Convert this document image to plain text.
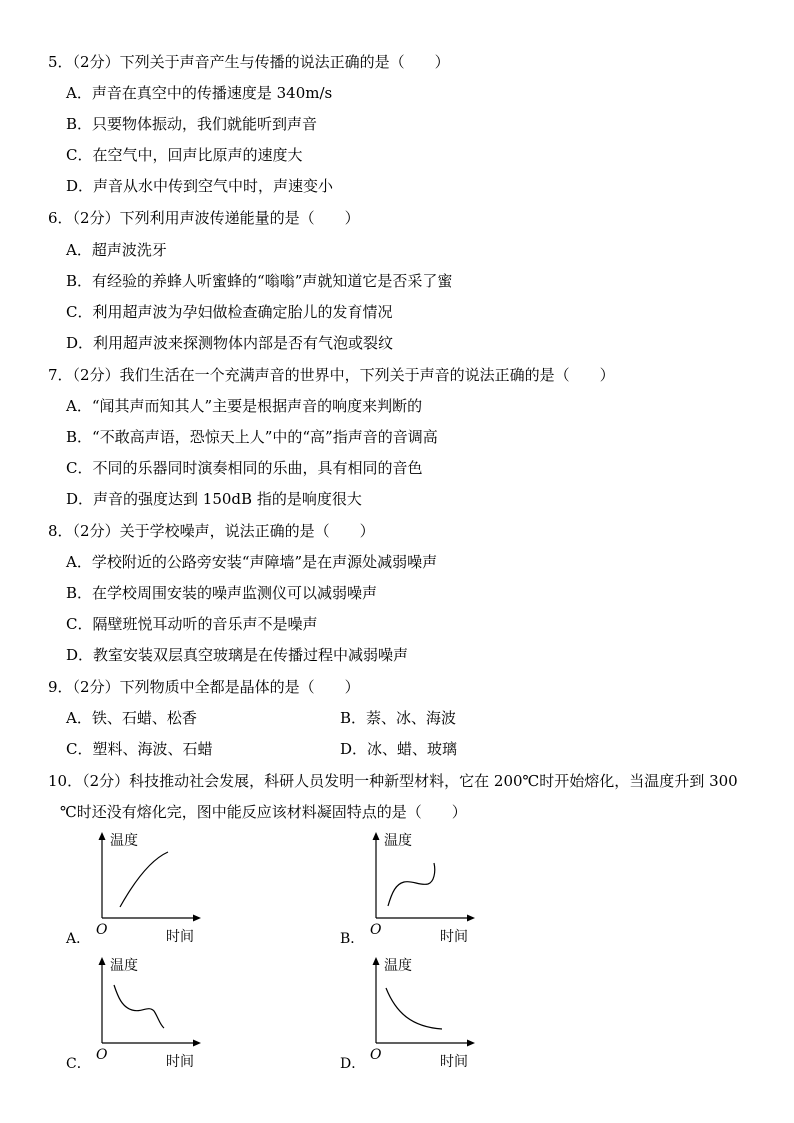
5．（2分）下列关于声音产生与传播的说法正确的是（　　）
A．声音在真空中的传播速度是 340m/s
B．只要物体振动，我们就能听到声音
C．在空气中，回声比原声的速度大
D．声音从水中传到空气中时，声速变小
6．（2分）下列利用声波传递能量的是（　　）
A．超声波洗牙
B．有经验的养蜂人听蜜蜂的“嗡嗡”声就知道它是否采了蜜
C．利用超声波为孕妇做检查确定胎儿的发育情况
D．利用超声波来探测物体内部是否有气泡或裂纹
7．（2分）我们生活在一个充满声音的世界中，下列关于声音的说法正确的是（　　）
A．“闻其声而知其人”主要是根据声音的响度来判断的
B．“不敢高声语，恐惊天上人”中的“高”指声音的音调高
C．不同的乐器同时演奏相同的乐曲，具有相同的音色
D．声音的强度达到 150dB 指的是响度很大
8．（2分）关于学校噪声，说法正确的是（　　）
A．学校附近的公路旁安装“声障墙”是在声源处减弱噪声
B．在学校周围安装的噪声监测仪可以减弱噪声
C．隔壁班悦耳动听的音乐声不是噪声
D．教室安装双层真空玻璃是在传播过程中减弱噪声
9．（2分）下列物质中全都是晶体的是（　　）
A．铁、石蜡、松香	B．萘、冰、海波
C．塑料、海波、石蜡	D．冰、蜡、玻璃
10．（2分）科技推动社会发展，科研人员发明一种新型材料，它在 200℃时开始熔化，当温度升到 300
℃时还没有熔化完，图中能反应该材料凝固特点的是（　　）
温度
O	时间
A．
温度
O	时间
B．
温度
O	时间
C．
温度
O	时间
D．
